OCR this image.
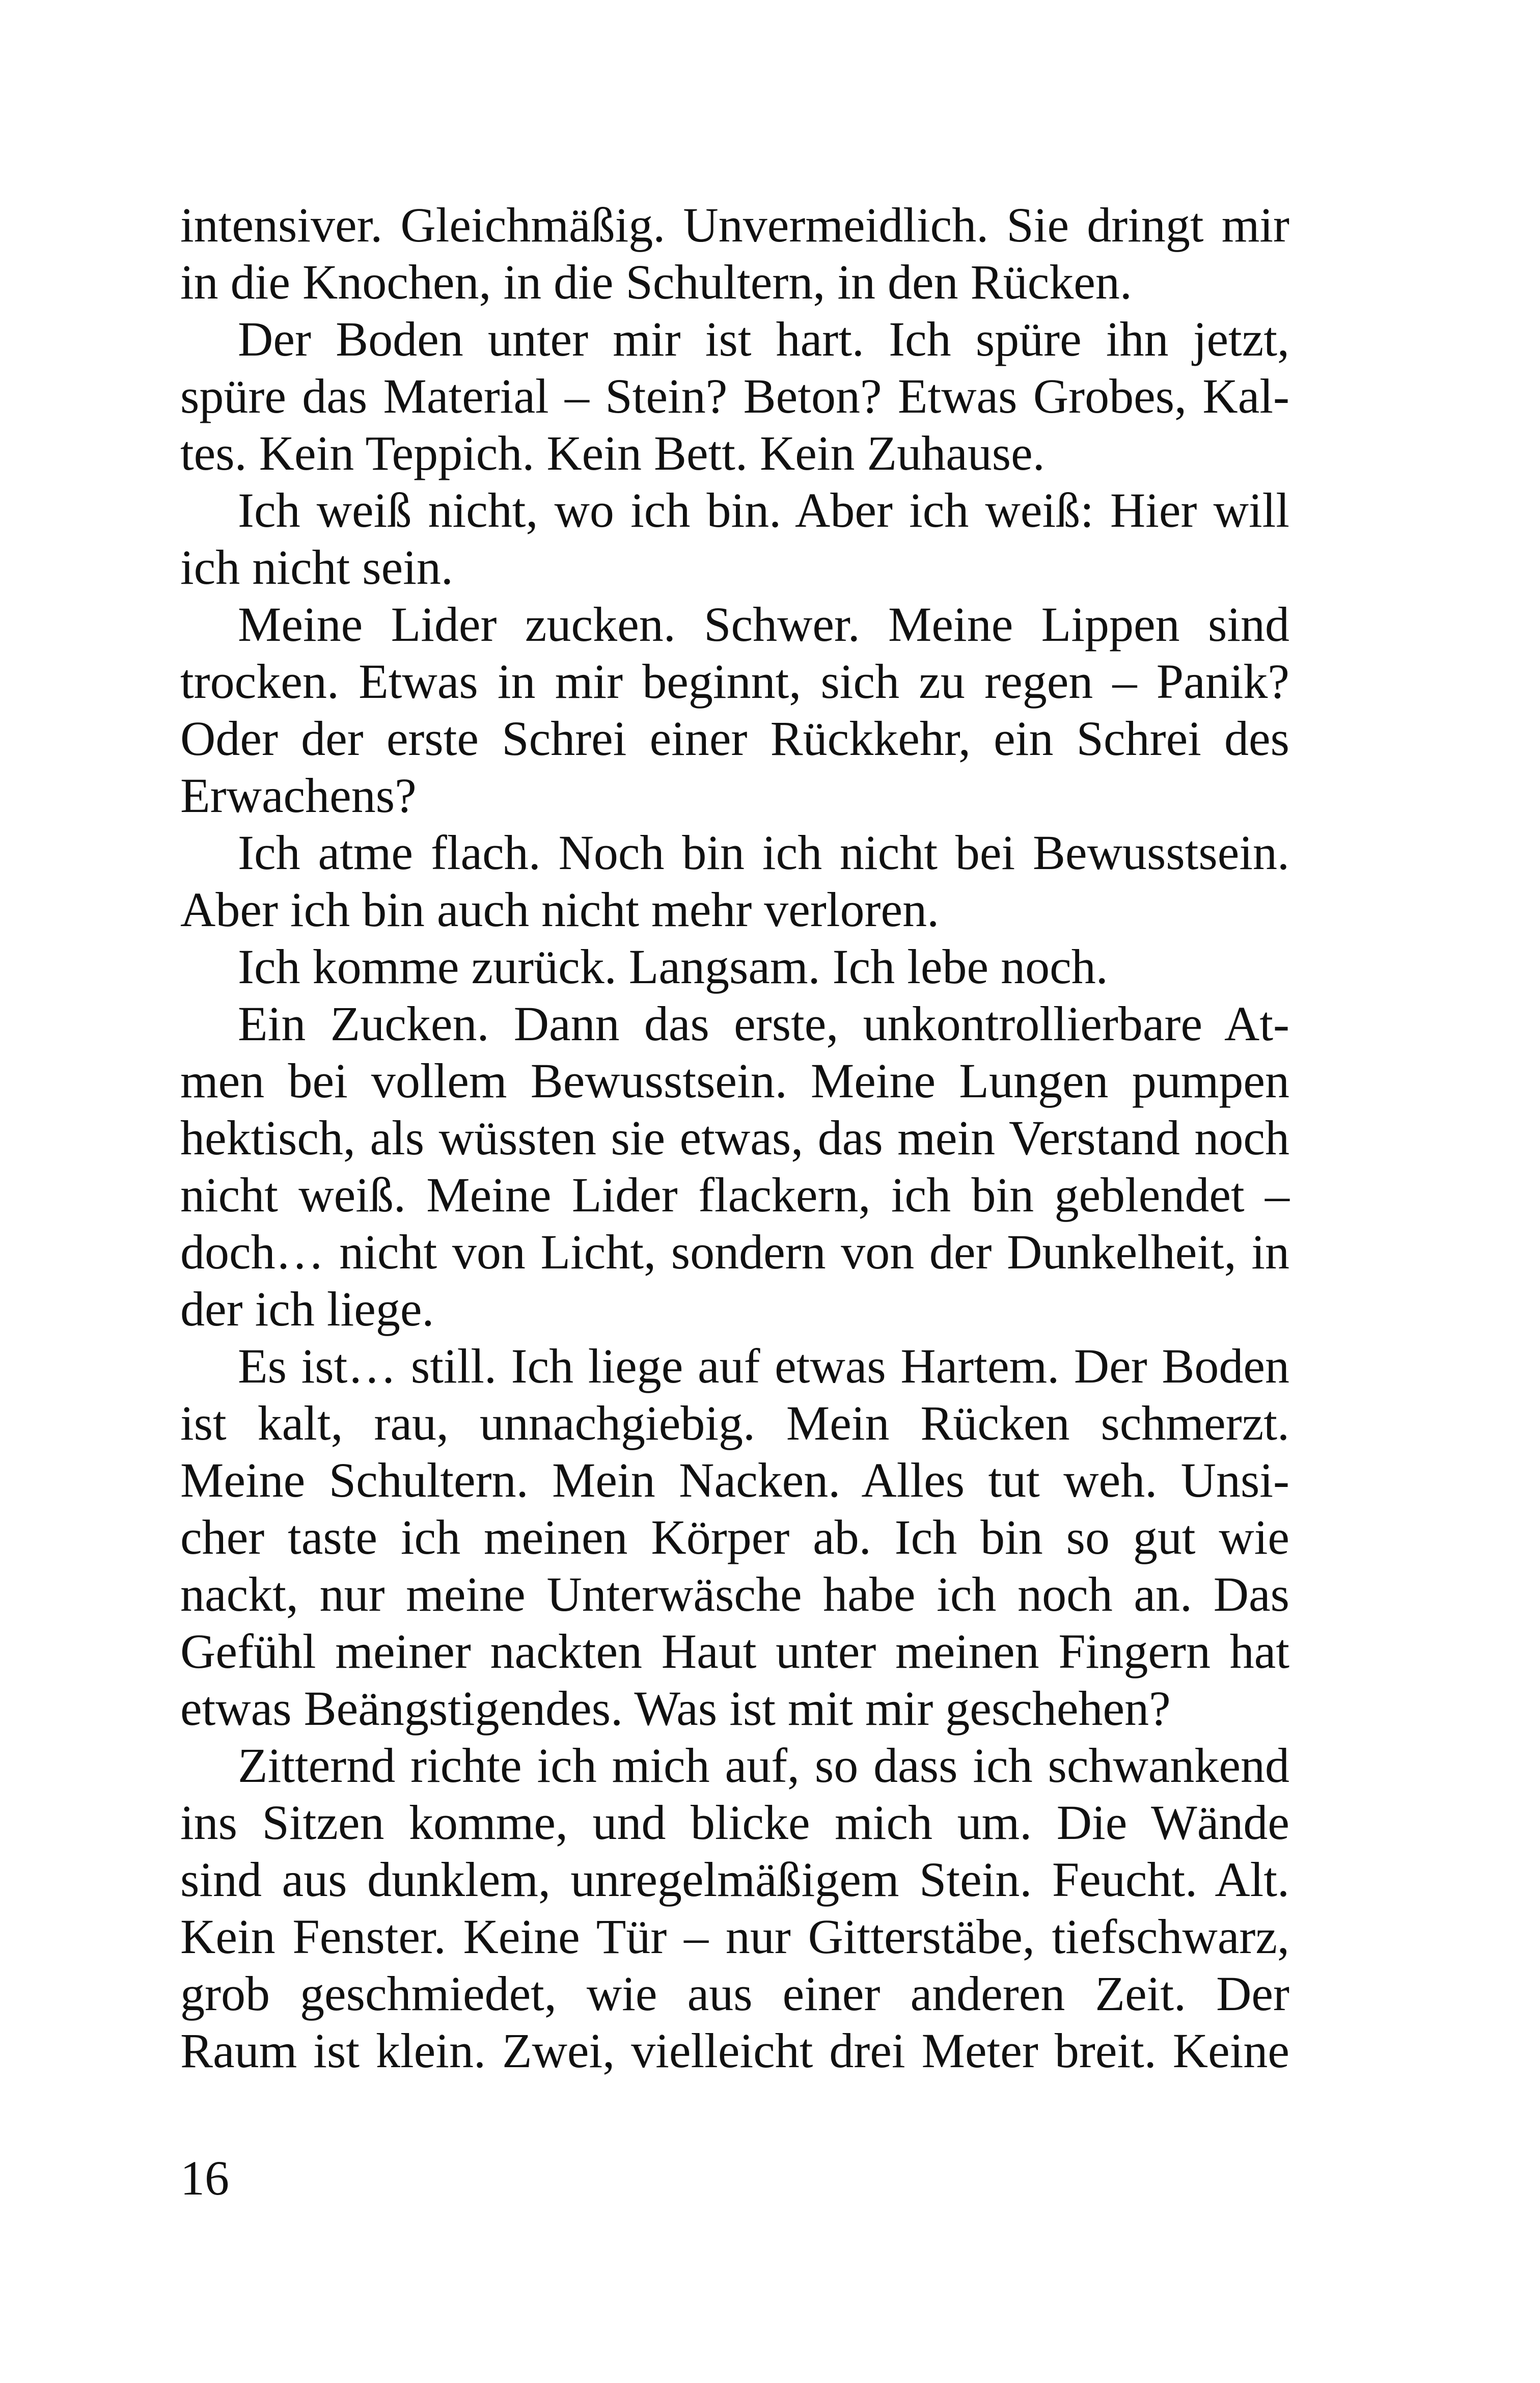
intensiver. Gleichmäßig. Unvermeidlich. Sie dringt mir
in die Knochen, in die Schultern, in den Rücken.
Der Boden unter mir ist hart. Ich spüre ihn jetzt,
spüre das Material – Stein? Beton? Etwas Grobes, Kal-
tes. Kein Teppich. Kein Bett. Kein Zuhause.
Ich weiß nicht, wo ich bin. Aber ich weiß: Hier will
ich nicht sein.
Meine Lider zucken. Schwer. Meine Lippen sind
trocken. Etwas in mir beginnt, sich zu regen – Panik?
Oder der erste Schrei einer Rückkehr, ein Schrei des
Erwachens?
Ich atme flach. Noch bin ich nicht bei Bewusstsein.
Aber ich bin auch nicht mehr verloren.
Ich komme zurück. Langsam. Ich lebe noch.
Ein Zucken. Dann das erste, unkontrollierbare At-
men bei vollem Bewusstsein. Meine Lungen pumpen
hektisch, als wüssten sie etwas, das mein Verstand noch
nicht weiß. Meine Lider flackern, ich bin geblendet –
doch… nicht von Licht, sondern von der Dunkelheit, in
der ich liege.
Es ist… still. Ich liege auf etwas Hartem. Der Boden
ist kalt, rau, unnachgiebig. Mein Rücken schmerzt.
Meine Schultern. Mein Nacken. Alles tut weh. Unsi-
cher taste ich meinen Körper ab. Ich bin so gut wie
nackt, nur meine Unterwäsche habe ich noch an. Das
Gefühl meiner nackten Haut unter meinen Fingern hat
etwas Beängstigendes. Was ist mit mir geschehen?
Zitternd richte ich mich auf, so dass ich schwankend
ins Sitzen komme, und blicke mich um. Die Wände
sind aus dunklem, unregelmäßigem Stein. Feucht. Alt.
Kein Fenster. Keine Tür – nur Gitterstäbe, tiefschwarz,
grob geschmiedet, wie aus einer anderen Zeit. Der
Raum ist klein. Zwei, vielleicht drei Meter breit. Keine
16
